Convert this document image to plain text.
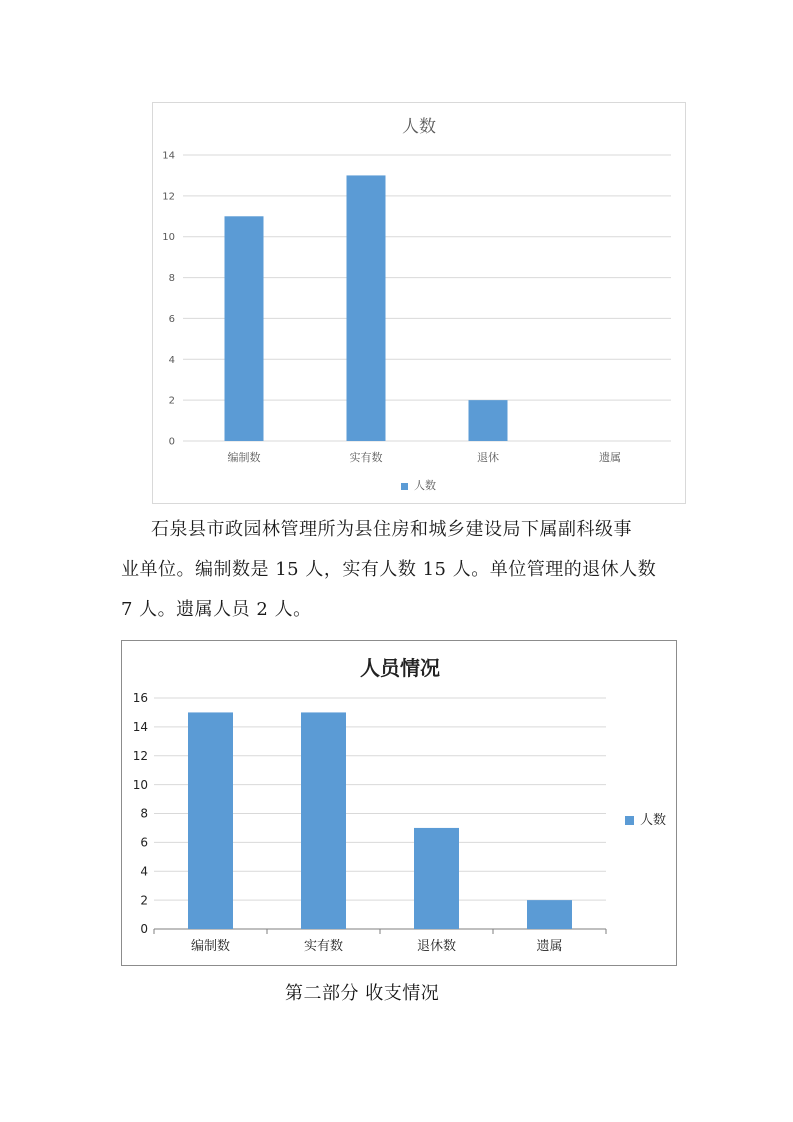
人数
0
2
4
6
8
10
12
14
编制数	实有数	退休	遗属
人数

石泉县市政园林管理所为县住房和城乡建设局下属副科级事
业单位。编制数是 15 人，实有人数 15 人。单位管理的退休人数
7 人。遗属人员 2 人。

人员情况
0
2
4
6
8
10
12
14
16
编制数	实有数	退休数	遗属
人数

第二部分 收支情况
